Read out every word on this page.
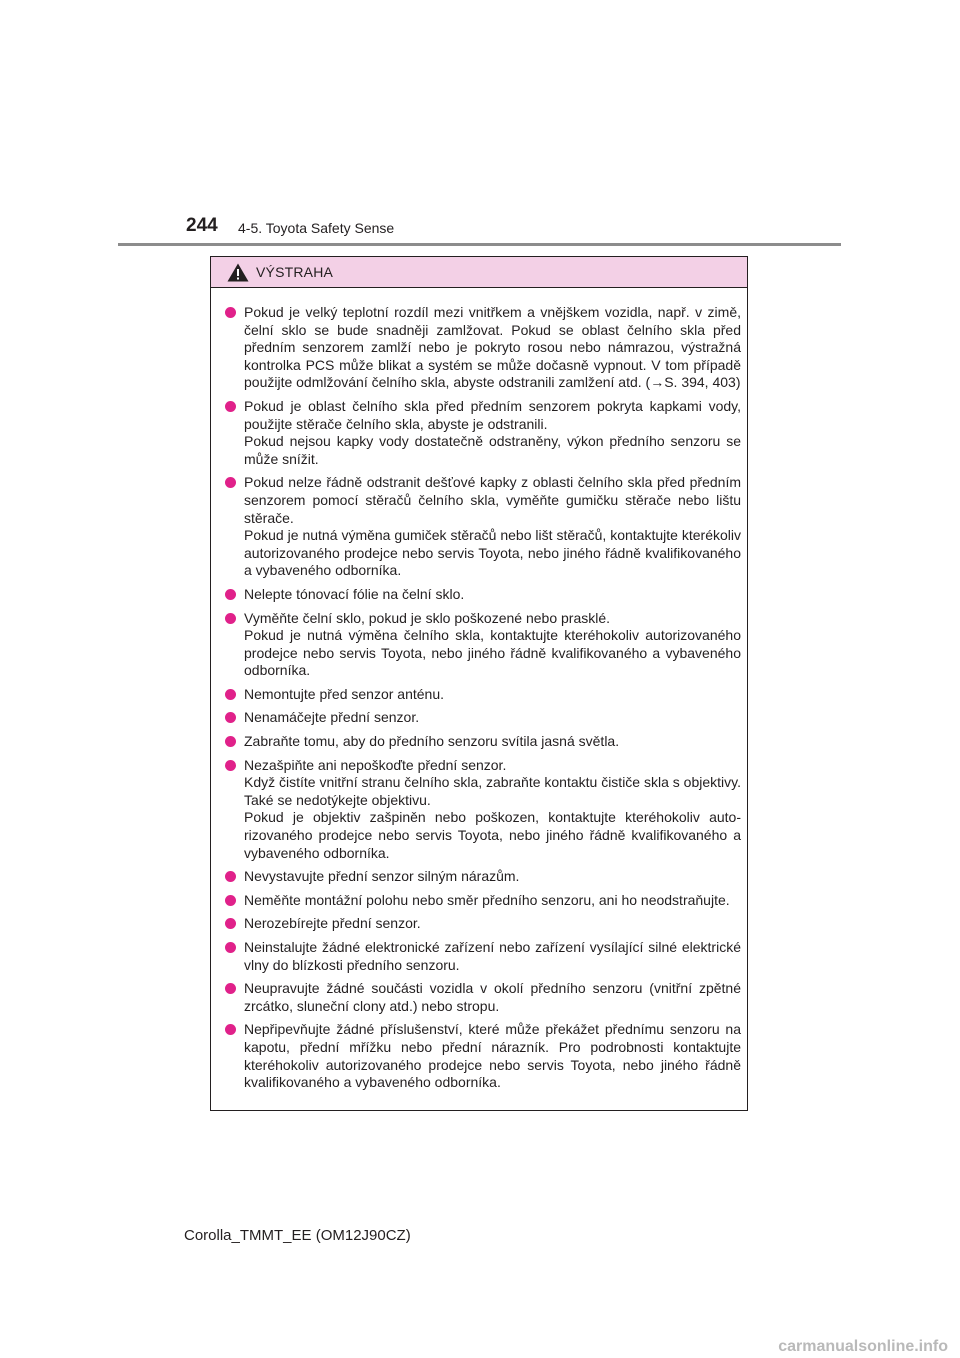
244 4-5. Toyota Safety Sense
VÝSTRAHA
Pokud je velký teplotní rozdíl mezi vnitřkem a vnějškem vozidla, např. v zimě, čelní sklo se bude snadněji zamlžovat. Pokud se oblast čelního skla před předním senzorem zamlží nebo je pokryto rosou nebo námrazou, výstražná kontrolka PCS může blikat a systém se může dočasně vypnout. V tom případě použijte odmlžování čelního skla, abyste odstranili zamlžení atd. (→S. 394, 403)
Pokud je oblast čelního skla před předním senzorem pokryta kapkami vody, použijte stěrače čelního skla, abyste je odstranili.
Pokud nejsou kapky vody dostatečně odstraněny, výkon předního senzoru se může snížit.
Pokud nelze řádně odstranit dešťové kapky z oblasti čelního skla před předním senzorem pomocí stěračů čelního skla, vyměňte gumičku stěrače nebo lištu stěrače.
Pokud je nutná výměna gumiček stěračů nebo lišt stěračů, kontaktujte kterékoliv autorizovaného prodejce nebo servis Toyota, nebo jiného řádně kvalifikovaného a vybaveného odborníka.
Nelepte tónovací fólie na čelní sklo.
Vyměňte čelní sklo, pokud je sklo poškozené nebo prasklé.
Pokud je nutná výměna čelního skla, kontaktujte kteréhokoliv autorizovaného prodejce nebo servis Toyota, nebo jiného řádně kvalifikovaného a vybaveného odborníka.
Nemontujte před senzor anténu.
Nenamáčejte přední senzor.
Zabraňte tomu, aby do předního senzoru svítila jasná světla.
Nezašpiňte ani nepoškoďte přední senzor.
Když čistíte vnitřní stranu čelního skla, zabraňte kontaktu čističe skla s objektivy. Také se nedotýkejte objektivu.
Pokud je objektiv zašpiněn nebo poškozen, kontaktujte kteréhokoliv autorizovaného prodejce nebo servis Toyota, nebo jiného řádně kvalifikovaného a vybaveného odborníka.
Nevystavujte přední senzor silným nárazům.
Neměňte montážní polohu nebo směr předního senzoru, ani ho neodstraňujte.
Nerozebírejte přední senzor.
Neinstalujte žádné elektronické zařízení nebo zařízení vysílající silné elektrické vlny do blízkosti předního senzoru.
Neupravujte žádné součásti vozidla v okolí předního senzoru (vnitřní zpětné zrcátko, sluneční clony atd.) nebo stropu.
Nepřipevňujte žádné příslušenství, které může překážet přednímu senzoru na kapotu, přední mřížku nebo přední nárazník. Pro podrobnosti kontaktujte kteréhokoliv autorizovaného prodejce nebo servis Toyota, nebo jiného řádně kvalifikovaného a vybaveného odborníka.
Corolla_TMMT_EE (OM12J90CZ)
carmanualsonline.info
